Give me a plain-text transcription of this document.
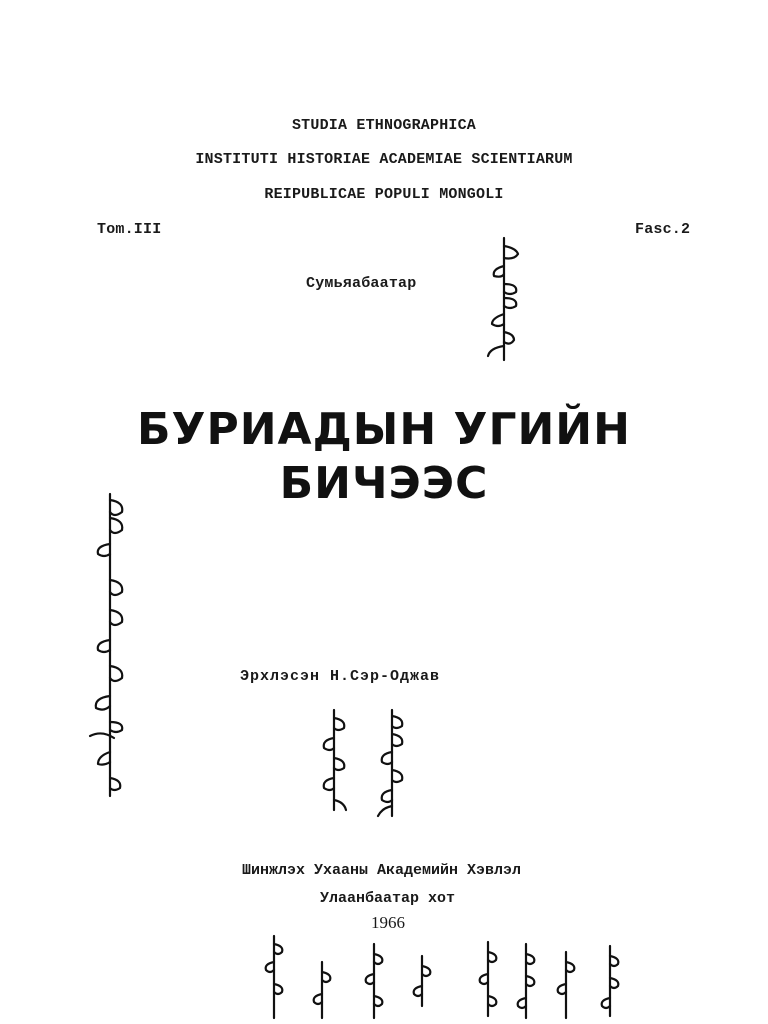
STUDIA ETHNOGRAPHICA
INSTITUTI HISTORIAE ACADEMIAE SCIENTIARUM
REIPUBLICAE POPULI MONGOLI
Tom.III	Fasc.2
Сумьяабаатар
БУРИАДЫН УГИЙН
БИЧЭЭС
Эрхлэсэн Н.Сэр-Оджав
Шинжлэх Ухааны Академийн Хэвлэл
Улаанбаатар хот
1966
